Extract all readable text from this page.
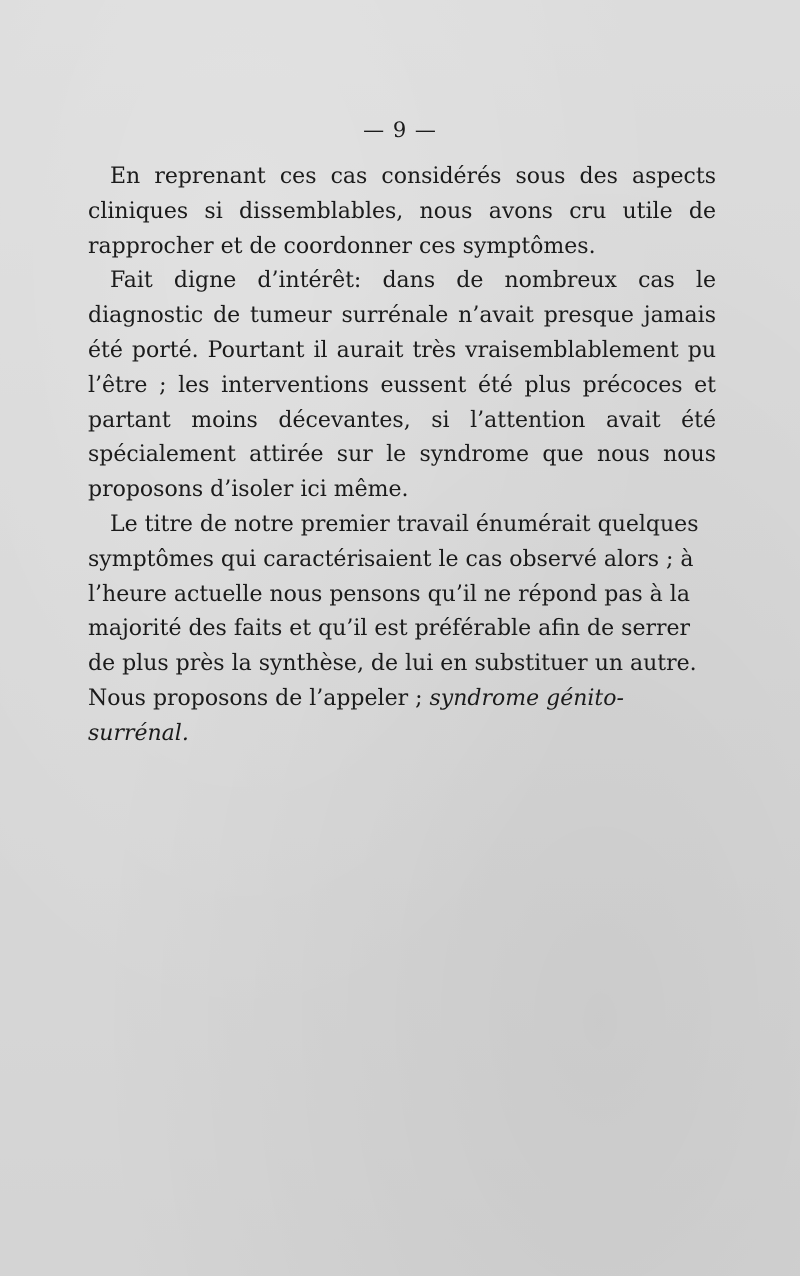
— 9 —

En reprenant ces cas considérés sous des aspects cliniques si dissemblables, nous avons cru utile de rapprocher et de coordonner ces symptômes.

Fait digne d’intérêt: dans de nombreux cas le diagnostic de tumeur surrénale n’avait presque jamais été porté. Pourtant il aurait très vraisemblablement pu l’être ; les interventions eussent été plus précoces et partant moins décevantes, si l’attention avait été spécialement attirée sur le syndrome que nous nous proposons d’isoler ici même.

Le titre de notre premier travail énumérait quelques symptômes qui caractérisaient le cas observé alors ; à l’heure actuelle nous pensons qu’il ne répond pas à la majorité des faits et qu’il est préférable afin de serrer de plus près la synthèse, de lui en substituer un autre. Nous proposons de l’appeler ; syndrome génito-surrénal.
